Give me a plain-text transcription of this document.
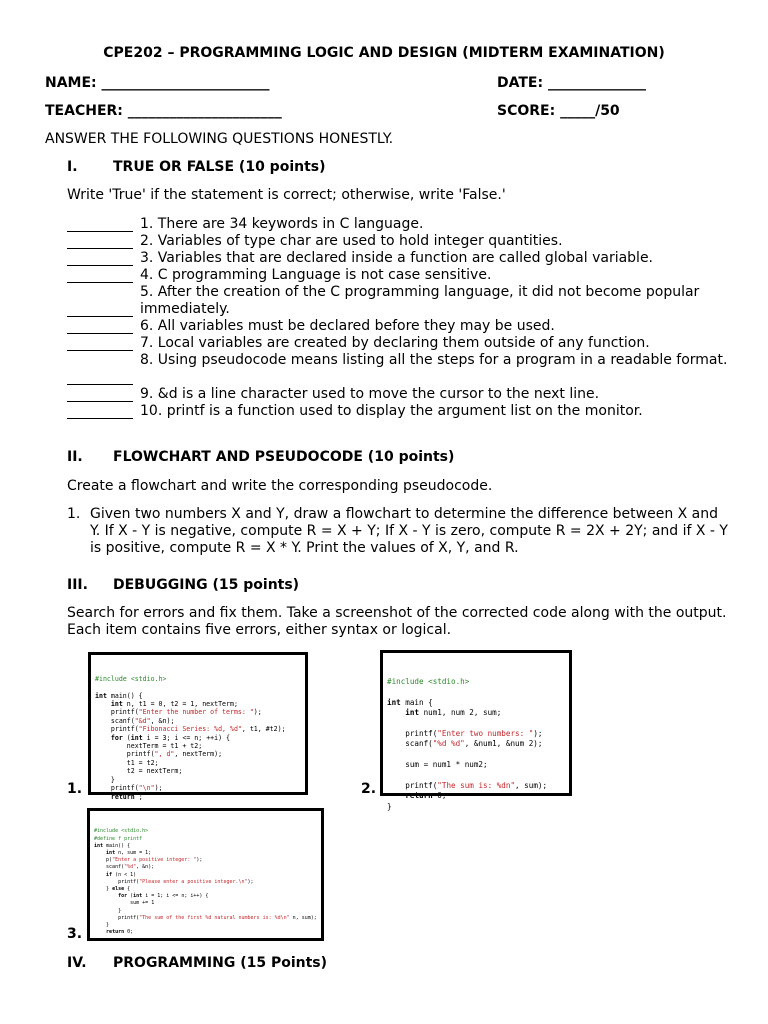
CPE202 – PROGRAMMING LOGIC AND DESIGN (MIDTERM EXAMINATION)
NAME: ________________________	DATE: ______________
TEACHER: ______________________	SCORE: _____/50
ANSWER THE FOLLOWING QUESTIONS HONESTLY.
I.	TRUE OR FALSE (10 points)
Write 'True' if the statement is correct; otherwise, write 'False.'
1. There are 34 keywords in C language.
2. Variables of type char are used to hold integer quantities.
3. Variables that are declared inside a function are called global variable.
4. C programming Language is not case sensitive.
5. After the creation of the C programming language, it did not become popular immediately.
6. All variables must be declared before they may be used.
7. Local variables are created by declaring them outside of any function.
8. Using pseudocode means listing all the steps for a program in a readable format.
9. &d is a line character used to move the cursor to the next line.
10. printf is a function used to display the argument list on the monitor.
II. FLOWCHART AND PSEUDOCODE (10 points)
Create a flowchart and write the corresponding pseudocode.
1. Given two numbers X and Y, draw a flowchart to determine the difference between X and Y. If X - Y is negative, compute R = X + Y; If X - Y is zero, compute R = 2X + 2Y; and if X - Y is positive, compute R = X * Y. Print the values of X, Y, and R.
III. DEBUGGING (15 points)
Search for errors and fix them. Take a screenshot of the corrected code along with the output. Each item contains five errors, either syntax or logical.
1.

#include <stdio.h>

int main() {
int n, t1 = 0, t2 = 1, nextTerm;
printf("Enter the number of terms: ");
scanf("&d", &n);
printf("Fibonacci Series: %d, %d", t1, #t2);
for (int i = 3; i <= n; ++i) {
nextTerm = t1 + t2;
printf(", d", nextTerm);
t1 = t2;
t2 = nextTerm;
}
printf("\n");
return ;	2.

#include <stdio.h>

int main {
int num1, num 2, sum;

printf("Enter two numbers: ");
scanf("%d %d", &num1, &num 2);

sum = num1 * num2;

printf("The sum is: %dn", sum);
return 0;
}

3.

#include <stdio.h>
#define f printf
int main() {
int n, sum = 1;
p("Enter a positive integer: ");
scanf("%d", &n);
if (n < 1)
printf("Please enter a positive integer.\n");
} else {
for (int i = 1; i <= n; i++) {
sum += 1
}
printf("The sum of the first %d natural numbers is: %d\n" n, sum);
}
return 0;

IV. PROGRAMMING (15 Points)
